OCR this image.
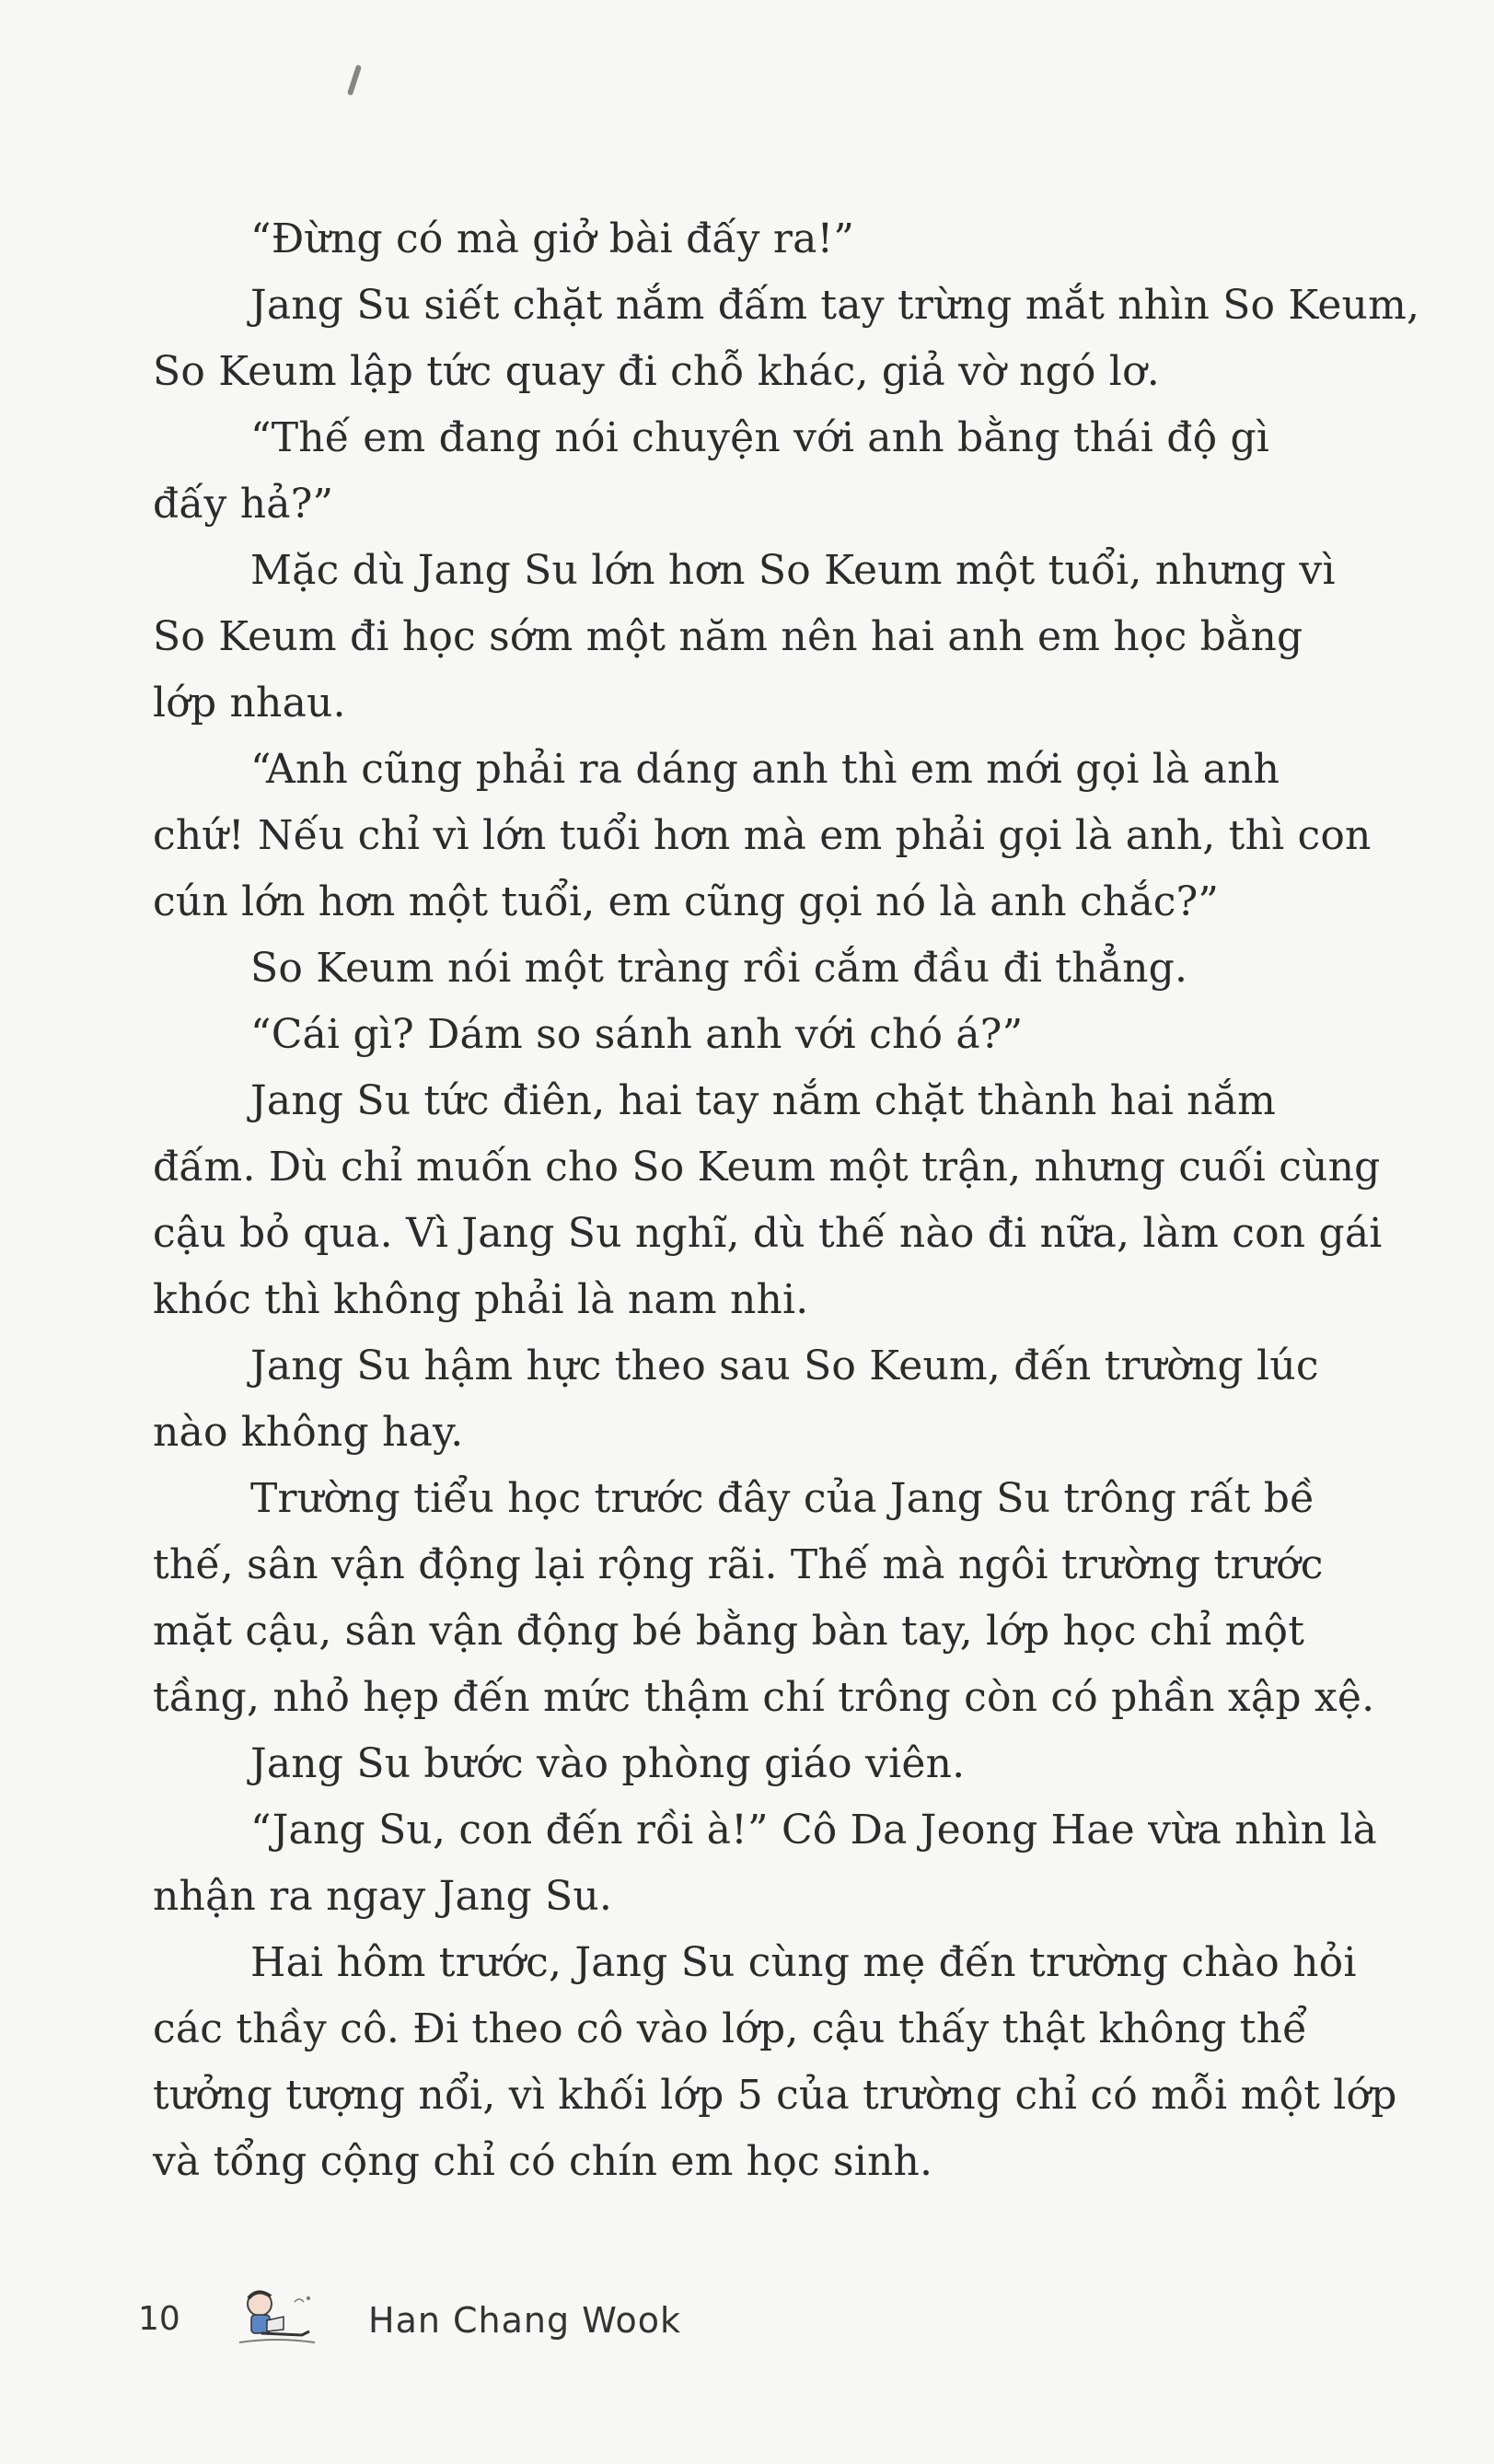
“Đừng có mà giở bài đấy ra!”
Jang Su siết chặt nắm đấm tay trừng mắt nhìn So Keum,
So Keum lập tức quay đi chỗ khác, giả vờ ngó lơ.
“Thế em đang nói chuyện với anh bằng thái độ gì
đấy hả?”
Mặc dù Jang Su lớn hơn So Keum một tuổi, nhưng vì
So Keum đi học sớm một năm nên hai anh em học bằng
lớp nhau.
“Anh cũng phải ra dáng anh thì em mới gọi là anh
chứ! Nếu chỉ vì lớn tuổi hơn mà em phải gọi là anh, thì con
cún lớn hơn một tuổi, em cũng gọi nó là anh chắc?”
So Keum nói một tràng rồi cắm đầu đi thẳng.
“Cái gì? Dám so sánh anh với chó á?”
Jang Su tức điên, hai tay nắm chặt thành hai nắm
đấm. Dù chỉ muốn cho So Keum một trận, nhưng cuối cùng
cậu bỏ qua. Vì Jang Su nghĩ, dù thế nào đi nữa, làm con gái
khóc thì không phải là nam nhi.
Jang Su hậm hực theo sau So Keum, đến trường lúc
nào không hay.
Trường tiểu học trước đây của Jang Su trông rất bề
thế, sân vận động lại rộng rãi. Thế mà ngôi trường trước
mặt cậu, sân vận động bé bằng bàn tay, lớp học chỉ một
tầng, nhỏ hẹp đến mức thậm chí trông còn có phần xập xệ.
Jang Su bước vào phòng giáo viên.
“Jang Su, con đến rồi à!” Cô Da Jeong Hae vừa nhìn là
nhận ra ngay Jang Su.
Hai hôm trước, Jang Su cùng mẹ đến trường chào hỏi
các thầy cô. Đi theo cô vào lớp, cậu thấy thật không thể
tưởng tượng nổi, vì khối lớp 5 của trường chỉ có mỗi một lớp
và tổng cộng chỉ có chín em học sinh.
10	Han Chang Wook
